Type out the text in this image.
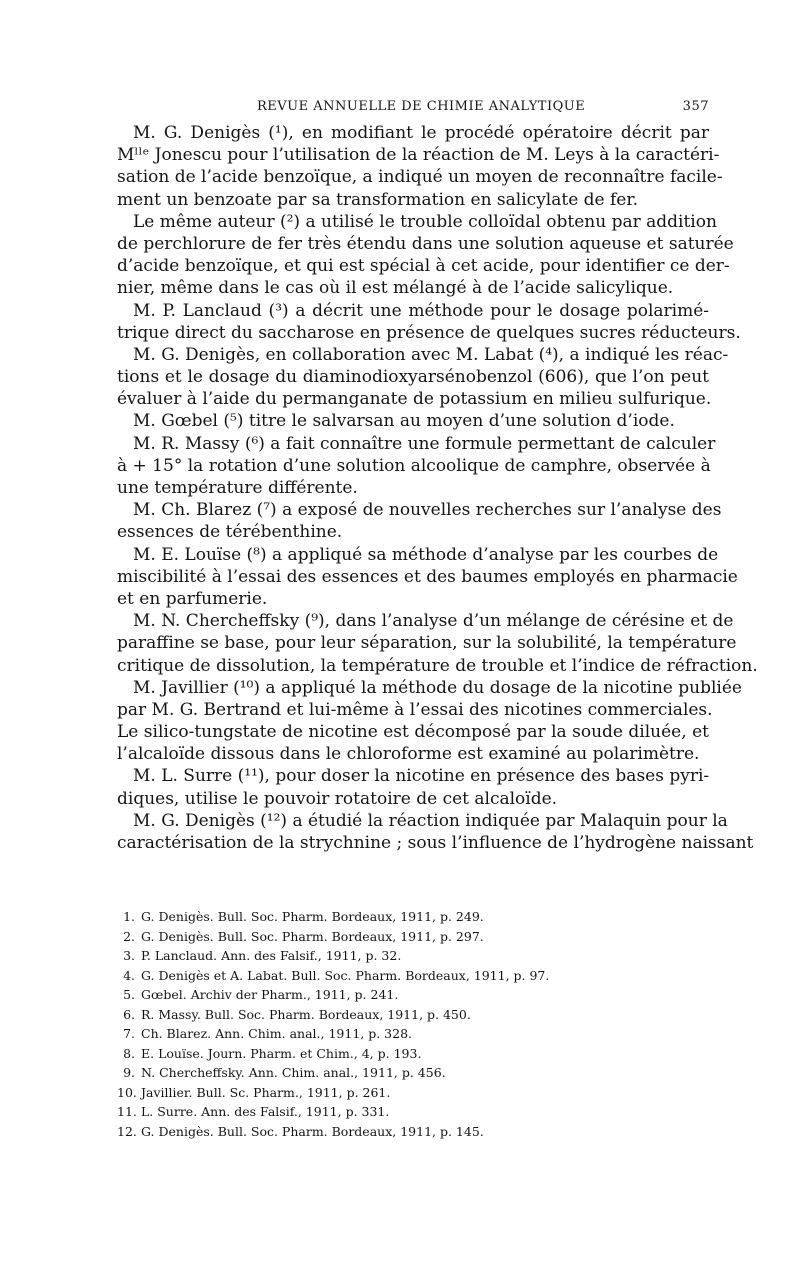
REVUE ANNUELLE DE CHIMIE ANALYTIQUE	357
M. G. Denigès (¹), en modifiant le procédé opératoire décrit par
Mˡˡᵉ Jonescu pour l’utilisation de la réaction de M. Leys à la caractéri-
sation de l’acide benzoïque, a indiqué un moyen de reconnaître facile-
ment un benzoate par sa transformation en salicylate de fer.
Le même auteur (²) a utilisé le trouble colloïdal obtenu par addition
de perchlorure de fer très étendu dans une solution aqueuse et saturée
d’acide benzoïque, et qui est spécial à cet acide, pour identifier ce der-
nier, même dans le cas où il est mélangé à de l’acide salicylique.
M. P. Lanclaud (³) a décrit une méthode pour le dosage polarimé-
trique direct du saccharose en présence de quelques sucres réducteurs.
M. G. Denigès, en collaboration avec M. Labat (⁴), a indiqué les réac-
tions et le dosage du diaminodioxyarsénobenzol (606), que l’on peut
évaluer à l’aide du permanganate de potassium en milieu sulfurique.
M. Gœbel (⁵) titre le salvarsan au moyen d’une solution d’iode.
M. R. Massy (⁶) a fait connaître une formule permettant de calculer
à + 15° la rotation d’une solution alcoolique de camphre, observée à
une température différente.
M. Ch. Blarez (⁷) a exposé de nouvelles recherches sur l’analyse des
essences de térébenthine.
M. E. Louïse (⁸) a appliqué sa méthode d’analyse par les courbes de
miscibilité à l’essai des essences et des baumes employés en pharmacie
et en parfumerie.
M. N. Chercheffsky (⁹), dans l’analyse d’un mélange de cérésine et de
paraffine se base, pour leur séparation, sur la solubilité, la température
critique de dissolution, la température de trouble et l’indice de réfraction.
M. Javillier (¹⁰) a appliqué la méthode du dosage de la nicotine publiée
par M. G. Bertrand et lui-même à l’essai des nicotines commerciales.
Le silico-tungstate de nicotine est décomposé par la soude diluée, et
l’alcaloïde dissous dans le chloroforme est examiné au polarimètre.
M. L. Surre (¹¹), pour doser la nicotine en présence des bases pyri-
diques, utilise le pouvoir rotatoire de cet alcaloïde.
M. G. Denigès (¹²) a étudié la réaction indiquée par Malaquin pour la
caractérisation de la strychnine ; sous l’influence de l’hydrogène naissant
1. G. Denigès. Bull. Soc. Pharm. Bordeaux, 1911, p. 249.
2. G. Denigès. Bull. Soc. Pharm. Bordeaux, 1911, p. 297.
3. P. Lanclaud. Ann. des Falsif., 1911, p. 32.
4. G. Denigès et A. Labat. Bull. Soc. Pharm. Bordeaux, 1911, p. 97.
5. Gœbel. Archiv der Pharm., 1911, p. 241.
6. R. Massy. Bull. Soc. Pharm. Bordeaux, 1911, p. 450.
7. Ch. Blarez. Ann. Chim. anal., 1911, p. 328.
8. E. Louïse. Journ. Pharm. et Chim., 4, p. 193.
9. N. Chercheffsky. Ann. Chim. anal., 1911, p. 456.
10. Javillier. Bull. Sc. Pharm., 1911, p. 261.
11. L. Surre. Ann. des Falsif., 1911, p. 331.
12. G. Denigès. Bull. Soc. Pharm. Bordeaux, 1911, p. 145.
